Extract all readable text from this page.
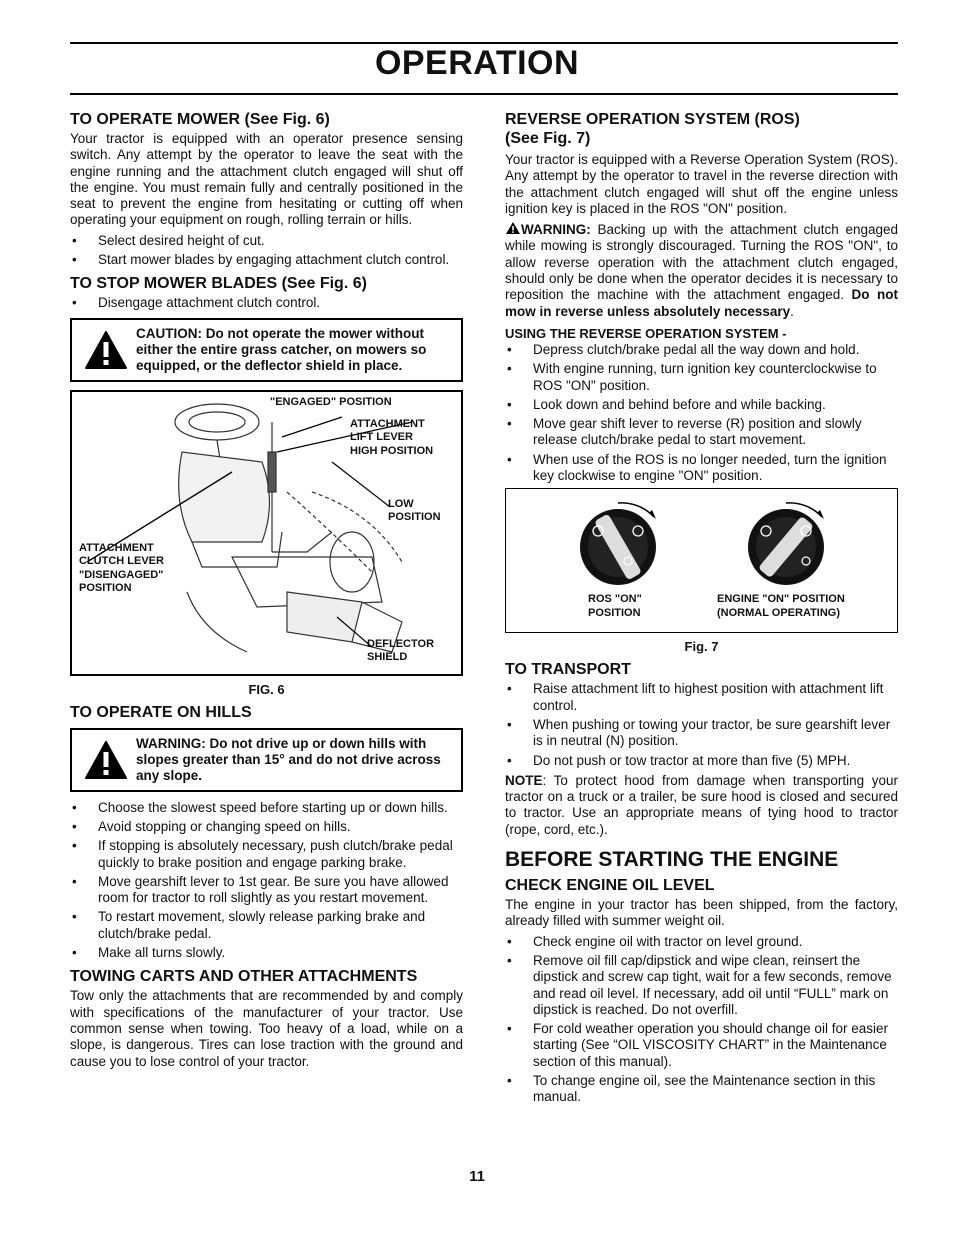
OPERATION
TO OPERATE MOWER (See Fig. 6)

Your tractor is equipped with an operator presence sensing switch. Any attempt by the operator to leave the seat with the engine running and the attachment clutch engaged will shut off the engine. You must remain fully and centrally positioned in the seat to prevent the engine from hesitating or cutting off when operating your equipment on rough, rolling terrain or hills.

• Select desired height of cut.
• Start mower blades by engaging attachment clutch control.
TO STOP MOWER BLADES (See Fig. 6)
• Disengage attachment clutch control.
CAUTION: Do not operate the mower without either the entire grass catcher, on mowers so equipped, or the deflector shield in place.
"ENGAGED" POSITION
ATTACHMENT
LIFT LEVER
HIGH POSITION
LOW
POSITION
ATTACHMENT
CLUTCH LEVER
"DISENGAGED"
POSITION
DEFLECTOR
SHIELD
FIG. 6
TO OPERATE ON HILLS
WARNING: Do not drive up or down hills with slopes greater than 15° and do not drive across any slope.
• Choose the slowest speed before starting up or down hills.
• Avoid stopping or changing speed on hills.
• If stopping is absolutely necessary, push clutch/brake pedal quickly to brake position and engage parking brake.
• Move gearshift lever to 1st gear. Be sure you have allowed room for tractor to roll slightly as you restart movement.
• To restart movement, slowly release parking brake and clutch/brake pedal.
• Make all turns slowly.
TOWING CARTS AND OTHER ATTACHMENTS

Tow only the attachments that are recommended by and comply with specifications of the manufacturer of your tractor. Use common sense when towing. Too heavy of a load, while on a slope, is dangerous. Tires can lose traction with the ground and cause you to lose control of your tractor.

REVERSE OPERATION SYSTEM (ROS)
(See Fig. 7)

Your tractor is equipped with a Reverse Operation System (ROS). Any attempt by the operator to travel in the reverse direction with the attachment clutch engaged will shut off the engine unless ignition key is placed in the ROS "ON" position.

WARNING: Backing up with the attachment clutch engaged while mowing is strongly discouraged. Turning the ROS "ON", to allow reverse operation with the attachment clutch engaged, should only be done when the operator decides it is necessary to reposition the machine with the attachment engaged. Do not mow in reverse unless absolutely necessary.

USING THE REVERSE OPERATION SYSTEM -
• Depress clutch/brake pedal all the way down and hold.
• With engine running, turn ignition key counterclockwise to ROS "ON" position.
• Look down and behind before and while backing.
• Move gear shift lever to reverse (R) position and slowly release clutch/brake pedal to start movement.
• When use of the ROS is no longer needed, turn the ignition key clockwise to engine "ON" position.
ROS "ON"
POSITION
ENGINE "ON" POSITION
(NORMAL OPERATING)
Fig. 7
TO TRANSPORT
• Raise attachment lift to highest position with attachment lift control.
• When pushing or towing your tractor, be sure gearshift lever is in neutral (N) position.
• Do not push or tow tractor at more than five (5) MPH.

NOTE: To protect hood from damage when transporting your tractor on a truck or a trailer, be sure hood is closed and secured to tractor. Use an appropriate means of tying hood to tractor (rope, cord, etc.).

BEFORE STARTING THE ENGINE
CHECK ENGINE OIL LEVEL

The engine in your tractor has been shipped, from the factory, already filled with summer weight oil.

• Check engine oil with tractor on level ground.
• Remove oil fill cap/dipstick and wipe clean, reinsert the dipstick and screw cap tight, wait for a few seconds, remove and read oil level. If necessary, add oil until “FULL” mark on dipstick is reached. Do not overfill.
• For cold weather operation you should change oil for easier starting (See “OIL VISCOSITY CHART” in the Maintenance section of this manual).
• To change engine oil, see the Maintenance section in this manual.
11
